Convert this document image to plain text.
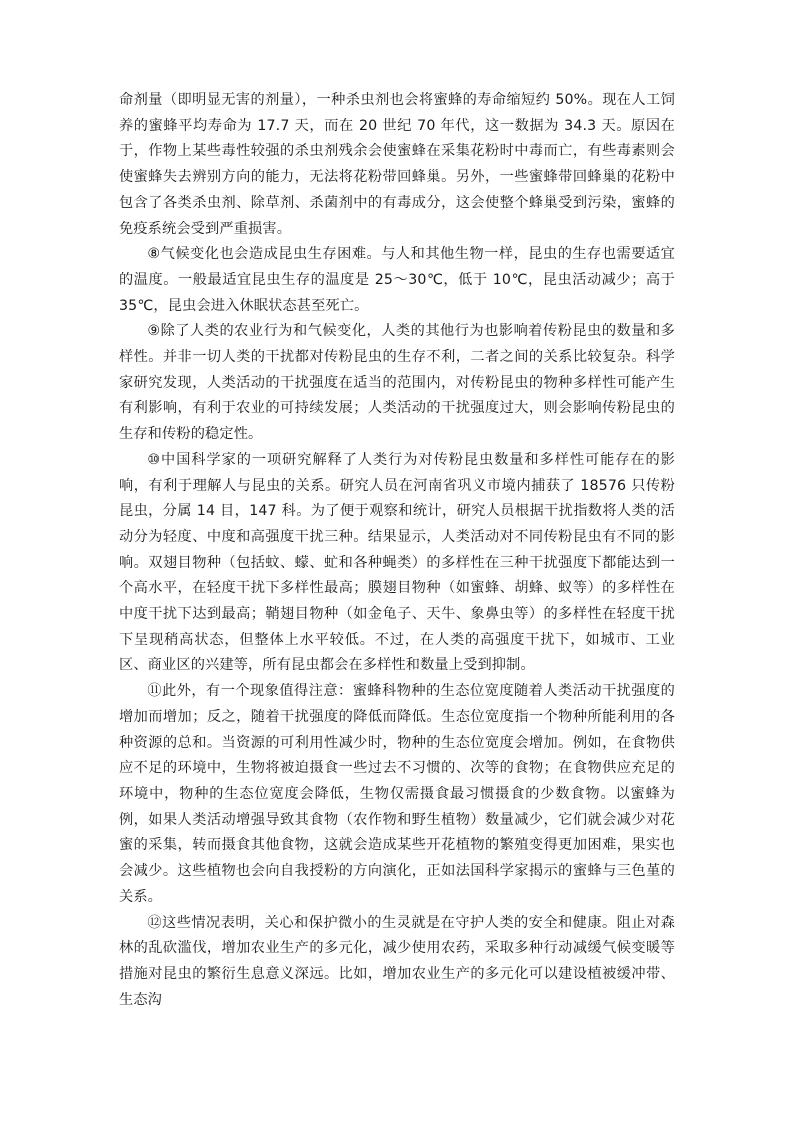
命剂量（即明显无害的剂量），一种杀虫剂也会将蜜蜂的寿命缩短约 50%。现在人工饲养的蜜蜂平均寿命为 17.7 天，而在 20 世纪 70 年代，这一数据为 34.3 天。原因在于，作物上某些毒性较强的杀虫剂残余会使蜜蜂在采集花粉时中毒而亡，有些毒素则会使蜜蜂失去辨别方向的能力，无法将花粉带回蜂巢。另外，一些蜜蜂带回蜂巢的花粉中包含了各类杀虫剂、除草剂、杀菌剂中的有毒成分，这会使整个蜂巢受到污染，蜜蜂的免疫系统会受到严重损害。

⑧气候变化也会造成昆虫生存困难。与人和其他生物一样，昆虫的生存也需要适宜的温度。一般最适宜昆虫生存的温度是 25～30℃，低于 10℃，昆虫活动减少；高于 35℃，昆虫会进入休眠状态甚至死亡。

⑨除了人类的农业行为和气候变化，人类的其他行为也影响着传粉昆虫的数量和多样性。并非一切人类的干扰都对传粉昆虫的生存不利，二者之间的关系比较复杂。科学家研究发现，人类活动的干扰强度在适当的范围内，对传粉昆虫的物种多样性可能产生有利影响，有利于农业的可持续发展；人类活动的干扰强度过大，则会影响传粉昆虫的生存和传粉的稳定性。

⑩中国科学家的一项研究解释了人类行为对传粉昆虫数量和多样性可能存在的影响，有利于理解人与昆虫的关系。研究人员在河南省巩义市境内捕获了 18576 只传粉昆虫，分属 14 目，147 科。为了便于观察和统计，研究人员根据干扰指数将人类的活动分为轻度、中度和高强度干扰三种。结果显示，人类活动对不同传粉昆虫有不同的影响。双翅目物种（包括蚊、蠓、虻和各种蝇类）的多样性在三种干扰强度下都能达到一个高水平，在轻度干扰下多样性最高；膜翅目物种（如蜜蜂、胡蜂、蚁等）的多样性在中度干扰下达到最高；鞘翅目物种（如金龟子、天牛、象鼻虫等）的多样性在轻度干扰下呈现稍高状态，但整体上水平较低。不过，在人类的高强度干扰下，如城市、工业区、商业区的兴建等，所有昆虫都会在多样性和数量上受到抑制。

⑪此外，有一个现象值得注意：蜜蜂科物种的生态位宽度随着人类活动干扰强度的增加而增加；反之，随着干扰强度的降低而降低。生态位宽度指一个物种所能利用的各种资源的总和。当资源的可利用性减少时，物种的生态位宽度会增加。例如，在食物供应不足的环境中，生物将被迫摄食一些过去不习惯的、次等的食物；在食物供应充足的环境中，物种的生态位宽度会降低，生物仅需摄食最习惯摄食的少数食物。以蜜蜂为例，如果人类活动增强导致其食物（农作物和野生植物）数量减少，它们就会减少对花蜜的采集，转而摄食其他食物，这就会造成某些开花植物的繁殖变得更加困难，果实也会减少。这些植物也会向自我授粉的方向演化，正如法国科学家揭示的蜜蜂与三色堇的关系。

⑫这些情况表明，关心和保护微小的生灵就是在守护人类的安全和健康。阻止对森林的乱砍滥伐，增加农业生产的多元化，减少使用农药，采取多种行动减缓气候变暖等措施对昆虫的繁衍生息意义深远。比如，增加农业生产的多元化可以建设植被缓冲带、生态沟
